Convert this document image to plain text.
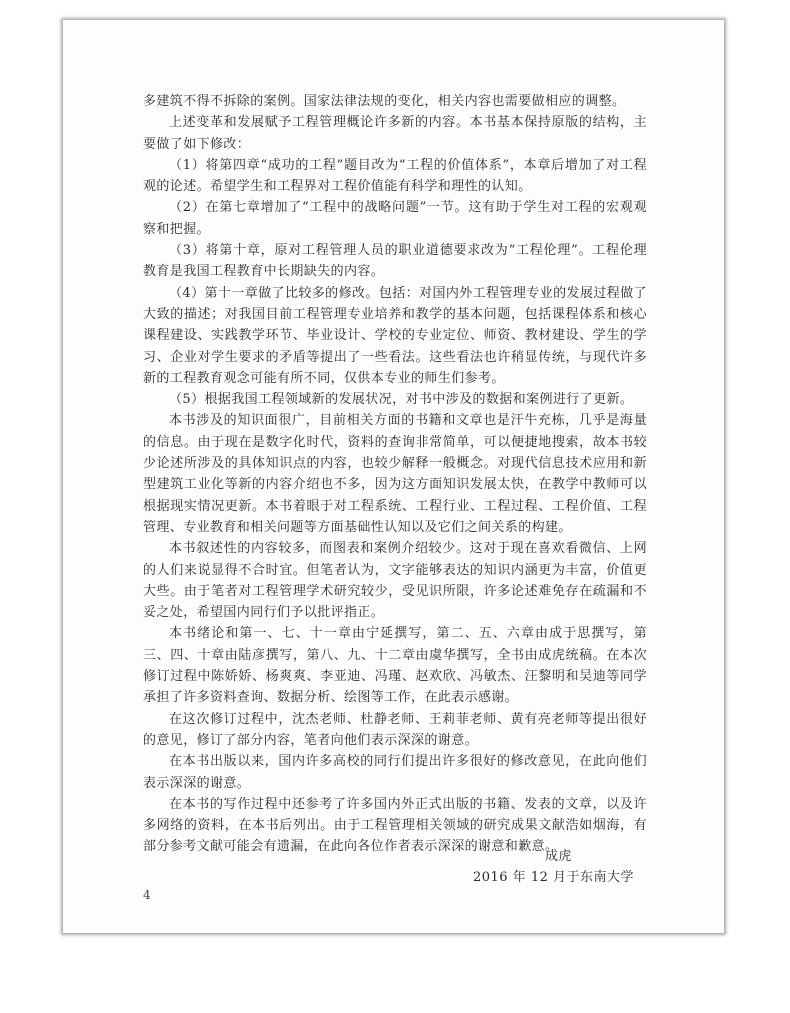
多建筑不得不拆除的案例。国家法律法规的变化，相关内容也需要做相应的调整。

上述变革和发展赋予工程管理概论许多新的内容。本书基本保持原版的结构，主要做了如下修改：

（1）将第四章“成功的工程”题目改为“工程的价值体系”，本章后增加了对工程观的论述。希望学生和工程界对工程价值能有科学和理性的认知。

（2）在第七章增加了“工程中的战略问题”一节。这有助于学生对工程的宏观观察和把握。

（3）将第十章，原对工程管理人员的职业道德要求改为“工程伦理”。工程伦理教育是我国工程教育中长期缺失的内容。

（4）第十一章做了比较多的修改。包括：对国内外工程管理专业的发展过程做了大致的描述；对我国目前工程管理专业培养和教学的基本问题，包括课程体系和核心课程建设、实践教学环节、毕业设计、学校的专业定位、师资、教材建设、学生的学习、企业对学生要求的矛盾等提出了一些看法。这些看法也许稍显传统，与现代许多新的工程教育观念可能有所不同，仅供本专业的师生们参考。

（5）根据我国工程领域新的发展状况，对书中涉及的数据和案例进行了更新。

本书涉及的知识面很广，目前相关方面的书籍和文章也是汗牛充栋，几乎是海量的信息。由于现在是数字化时代，资料的查询非常简单，可以便捷地搜索，故本书较少论述所涉及的具体知识点的内容，也较少解释一般概念。对现代信息技术应用和新型建筑工业化等新的内容介绍也不多，因为这方面知识发展太快，在教学中教师可以根据现实情况更新。本书着眼于对工程系统、工程行业、工程过程、工程价值、工程管理、专业教育和相关问题等方面基础性认知以及它们之间关系的构建。

本书叙述性的内容较多，而图表和案例介绍较少。这对于现在喜欢看微信、上网的人们来说显得不合时宜。但笔者认为，文字能够表达的知识内涵更为丰富，价值更大些。由于笔者对工程管理学术研究较少，受见识所限，许多论述难免存在疏漏和不妥之处，希望国内同行们予以批评指正。

本书绪论和第一、七、十一章由宁延撰写，第二、五、六章由成于思撰写，第三、四、十章由陆彦撰写，第八、九、十二章由虞华撰写，全书由成虎统稿。在本次修订过程中陈娇娇、杨爽爽、李亚迪、冯瑾、赵欢欣、冯敏杰、汪黎明和吴迪等同学承担了许多资料查询、数据分析、绘图等工作，在此表示感谢。

在这次修订过程中，沈杰老师、杜静老师、王莉菲老师、黄有亮老师等提出很好的意见，修订了部分内容，笔者向他们表示深深的谢意。

在本书出版以来，国内许多高校的同行们提出许多很好的修改意见，在此向他们表示深深的谢意。

在本书的写作过程中还参考了许多国内外正式出版的书籍、发表的文章，以及许多网络的资料，在本书后列出。由于工程管理相关领域的研究成果文献浩如烟海，有部分参考文献可能会有遗漏，在此向各位作者表示深深的谢意和歉意。

成虎
2016 年 12 月于东南大学
4
